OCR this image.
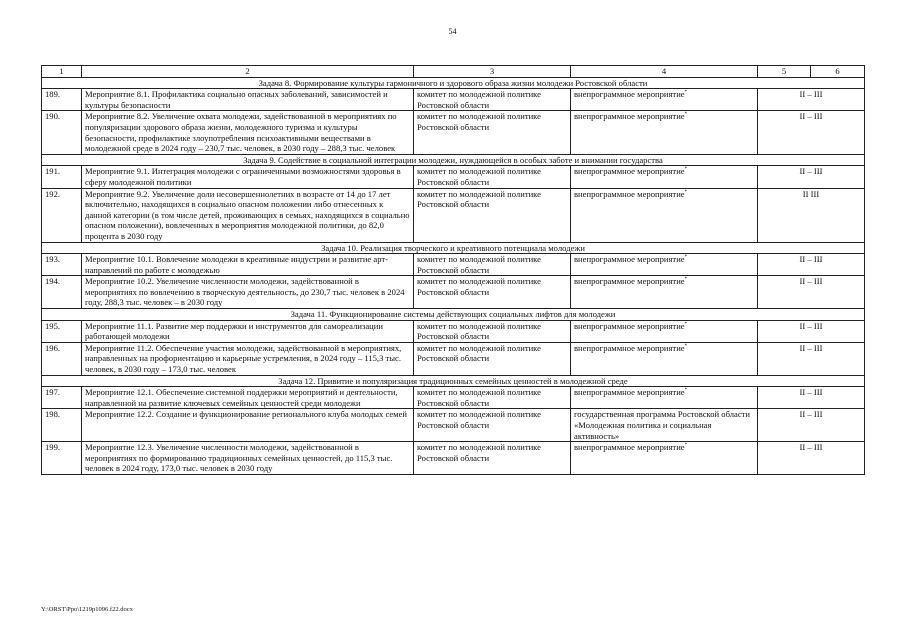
54
1	2	3	4	5	6
Задача 8. Формирование культуры гармоничного и здорового образа жизни молодежи Ростовской области					
189.	Мероприятие 8.1. Профилактика социально опасных заболеваний, зависимостей и культуры безопасности	комитет по молодежной политике Ростовской области	внепрограммное мероприятие*	II – III	
190.	Мероприятие 8.2. Увеличение охвата молодежи, задействованной в мероприятиях по популяризации здорового образа жизни, молодежного туризма и культуры безопасности, профилактике злоупотребления психоактивными веществами в молодежной среде в 2024 году – 230,7 тыс. человек, в 2030 году – 288,3 тыс. человек	комитет по молодежной политике Ростовской области	внепрограммное мероприятие*	II – III	
Задача 9. Содействие в социальной интеграции молодежи, нуждающейся в особых заботе и внимании государства					
191.	Мероприятие 9.1. Интеграция молодежи с ограниченными возможностями здоровья в сферу молодежной политики	комитет по молодежной политике Ростовской области	внепрограммное мероприятие*	II – III	
192.	Мероприятие 9.2. Увеличение доли несовершеннолетних в возрасте от 14 до 17 лет включительно, находящихся в социально опасном положении либо отнесенных к данной категории (в том числе детей, проживающих в семьях, находящихся в социально опасном положении), вовлеченных в мероприятия молодежной политики, до 82,0 процента в 2030 году	комитет по молодежной политике Ростовской области	внепрограммное мероприятие*	II III	
Задача 10. Реализация творческого и креативного потенциала молодежи					
193.	Мероприятие 10.1. Вовлечение молодежи в креативные индустрии и развитие арт-направлений по работе с молодежью	комитет по молодежной политике Ростовской области	внепрограммное мероприятие*	II – III	
194.	Мероприятие 10.2. Увеличение численности молодежи, задействованной в мероприятиях по вовлечению в творческую деятельность, до 230,7 тыс. человек в 2024 году, 288,3 тыс. человек – в 2030 году	комитет по молодежной политике Ростовской области	внепрограммное мероприятие*	II – III	
Задача 11. Функционирование системы действующих социальных лифтов для молодежи					
195.	Мероприятие 11.1. Развитие мер поддержки и инструментов для самореализации работающей молодежи	комитет по молодежной политике Ростовской области	внепрограммное мероприятие*	II – III	
196.	Мероприятие 11.2. Обеспечение участия молодежи, задействованной в мероприятиях, направленных на профориентацию и карьерные устремления, в 2024 году – 115,3 тыс. человек, в 2030 году – 173,0 тыс. человек	комитет по молодежной политике Ростовской области	внепрограммное мероприятие*	II – III	
Задача 12. Привитие и популяризация традиционных семейных ценностей в молодежной среде					
197.	Мероприятие 12.1. Обеспечение системной поддержки мероприятий и деятельности, направленной на развитие ключевых семейных ценностей среди молодежи	комитет по молодежной политике Ростовской области	внепрограммное мероприятие*	II – III	
198.	Мероприятие 12.2. Создание и функционирование регионального клуба молодых семей	комитет по молодежной политике Ростовской области	государственная программа Ростовской области «Молодежная политика и социальная активность»	II – III	
199.	Мероприятие 12.3. Увеличение численности молодежи, задействованной в мероприятиях по формированию традиционных семейных ценностей, до 115,3 тыс. человек в 2024 году, 173,0 тыс. человек в 2030 году	комитет по молодежной политике Ростовской области	внепрограммное мероприятие*	II – III	
Y:\ORST\Ppo\1219p1096.f22.docx
